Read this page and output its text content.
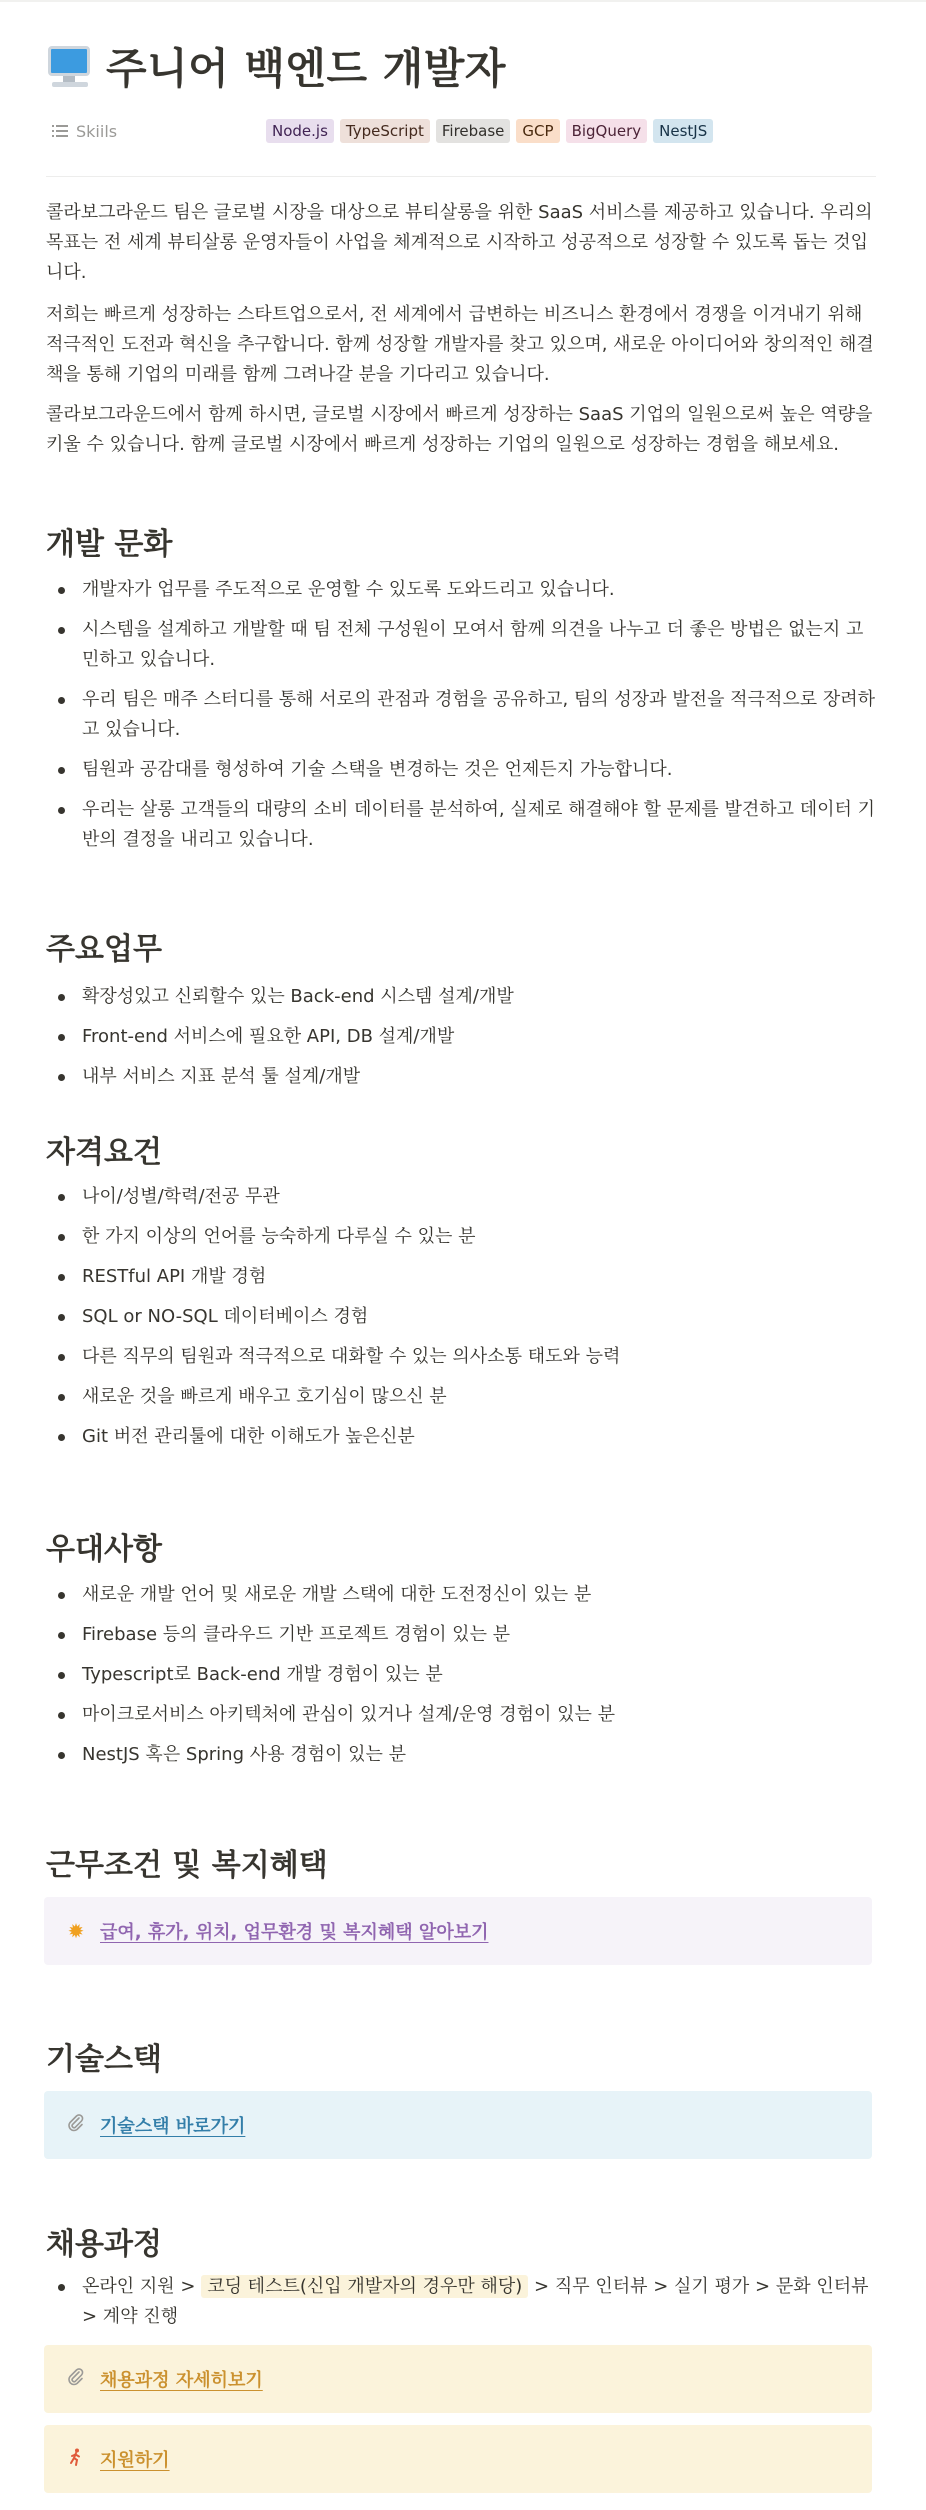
주니어 백엔드 개발자
Skiils	Node.js	TypeScript	Firebase	GCP	BigQuery	NestJS

콜라보그라운드 팀은 글로벌 시장을 대상으로 뷰티살롱을 위한 SaaS 서비스를 제공하고 있습니다. 우리의 목표는 전 세계 뷰티살롱 운영자들이 사업을 체계적으로 시작하고 성공적으로 성장할 수 있도록 돕는 것입니다.

저희는 빠르게 성장하는 스타트업으로서, 전 세계에서 급변하는 비즈니스 환경에서 경쟁을 이겨내기 위해 적극적인 도전과 혁신을 추구합니다. 함께 성장할 개발자를 찾고 있으며, 새로운 아이디어와 창의적인 해결책을 통해 기업의 미래를 함께 그려나갈 분을 기다리고 있습니다.

콜라보그라운드에서 함께 하시면, 글로벌 시장에서 빠르게 성장하는 SaaS 기업의 일원으로써 높은 역량을 키울 수 있습니다. 함께 글로벌 시장에서 빠르게 성장하는 기업의 일원으로 성장하는 경험을 해보세요.

개발 문화
개발자가 업무를 주도적으로 운영할 수 있도록 도와드리고 있습니다.
시스템을 설계하고 개발할 때 팀 전체 구성원이 모여서 함께 의견을 나누고 더 좋은 방법은 없는지 고민하고 있습니다.
우리 팀은 매주 스터디를 통해 서로의 관점과 경험을 공유하고, 팀의 성장과 발전을 적극적으로 장려하고 있습니다.
팀원과 공감대를 형성하여 기술 스택을 변경하는 것은 언제든지 가능합니다.
우리는 살롱 고객들의 대량의 소비 데이터를 분석하여, 실제로 해결해야 할 문제를 발견하고 데이터 기반의 결정을 내리고 있습니다.
주요업무
확장성있고 신뢰할수 있는 Back-end 시스템 설계/개발
Front-end 서비스에 필요한 API, DB 설계/개발
내부 서비스 지표 분석 툴 설계/개발
자격요건
나이/성별/학력/전공 무관
한 가지 이상의 언어를 능숙하게 다루실 수 있는 분
RESTful API 개발 경험
SQL or NO-SQL 데이터베이스 경험
다른 직무의 팀원과 적극적으로 대화할 수 있는 의사소통 태도와 능력
새로운 것을 빠르게 배우고 호기심이 많으신 분
Git 버전 관리툴에 대한 이해도가 높은신분
우대사항
새로운 개발 언어 및 새로운 개발 스택에 대한 도전정신이 있는 분
Firebase 등의 클라우드 기반 프로젝트 경험이 있는 분
Typescript로 Back-end 개발 경험이 있는 분
마이크로서비스 아키텍처에 관심이 있거나 설계/운영 경험이 있는 분
NestJS 혹은 Spring 사용 경험이 있는 분
근무조건 및 복지혜택
✹ 급여, 휴가, 위치, 업무환경 및 복지혜택 알아보기
기술스택
기술스택 바로가기
채용과정
온라인 지원 > 코딩 테스트(신입 개발자의 경우만 해당) > 직무 인터뷰 > 실기 평가 > 문화 인터뷰 > 계약 진행
채용과정 자세히보기
지원하기
